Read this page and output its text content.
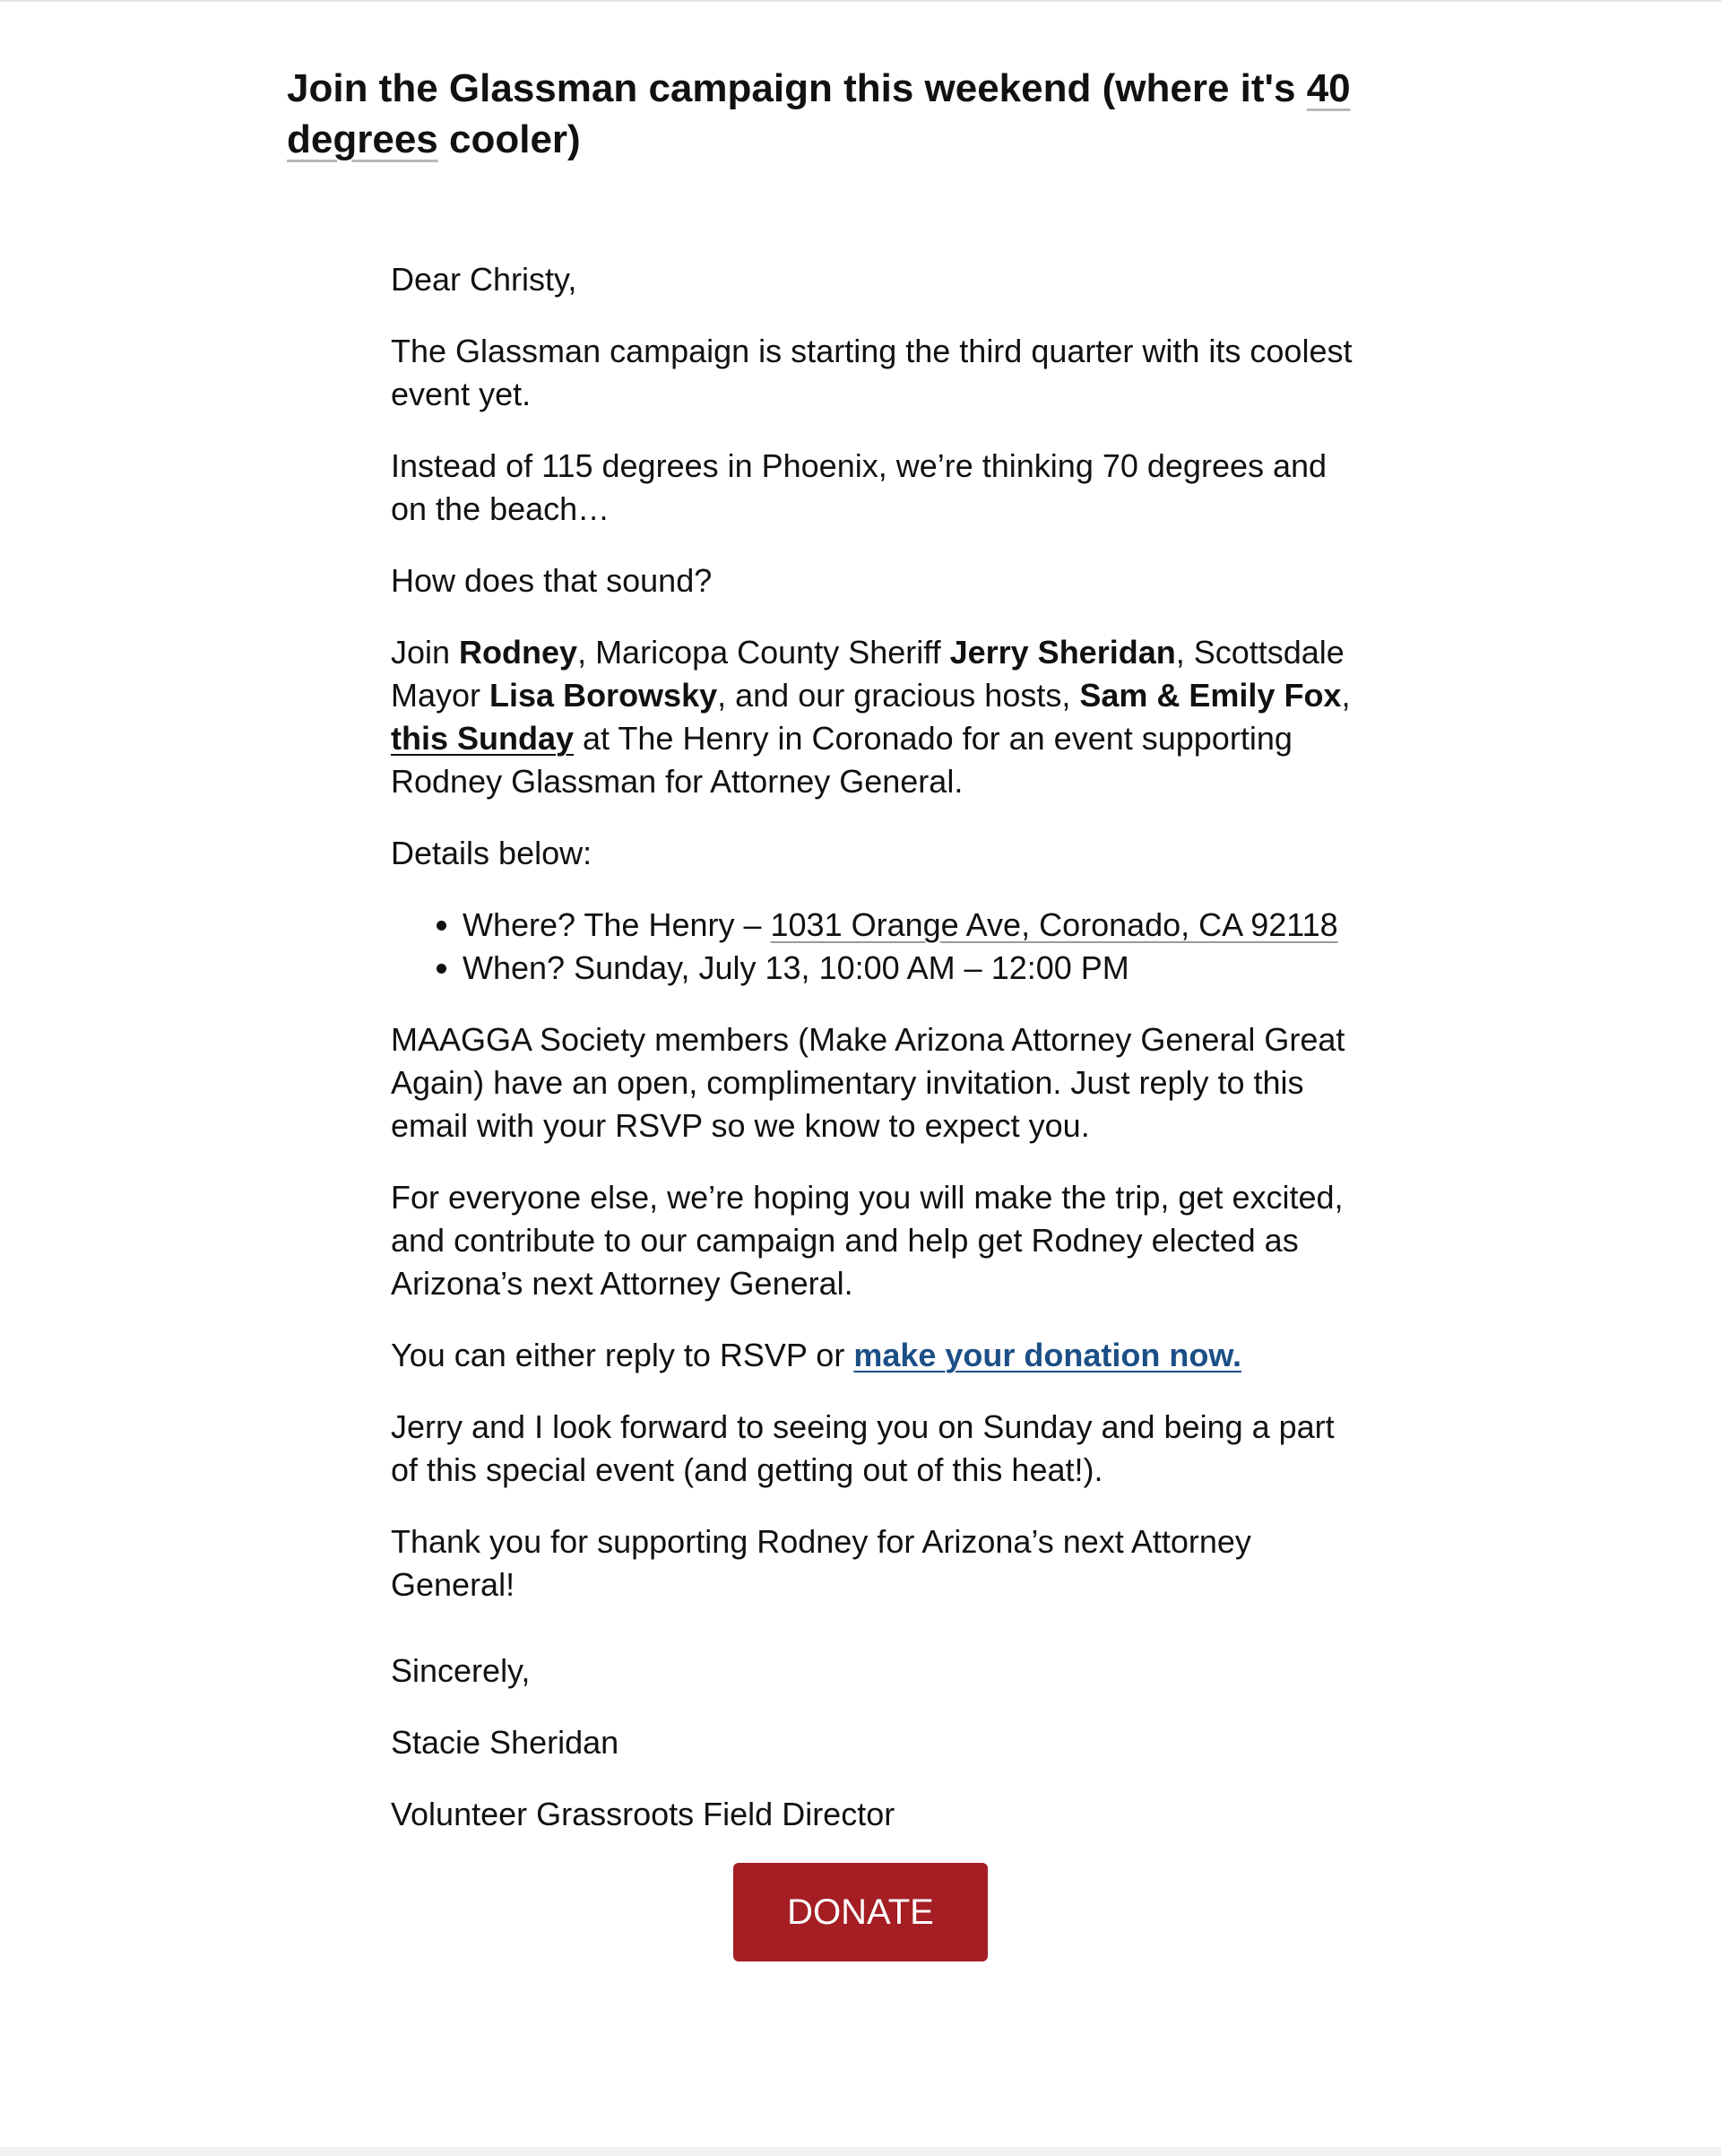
Join the Glassman campaign this weekend (where it's 40 degrees cooler)

Dear Christy,

The Glassman campaign is starting the third quarter with its coolest event yet.

Instead of 115 degrees in Phoenix, we’re thinking 70 degrees and on the beach…

How does that sound?

Join Rodney, Maricopa County Sheriff Jerry Sheridan, Scottsdale Mayor Lisa Borowsky, and our gracious hosts, Sam & Emily Fox, this Sunday at The Henry in Coronado for an event supporting Rodney Glassman for Attorney General.

Details below:

• Where? The Henry – 1031 Orange Ave, Coronado, CA 92118
• When? Sunday, July 13, 10:00 AM – 12:00 PM

MAAGGA Society members (Make Arizona Attorney General Great Again) have an open, complimentary invitation. Just reply to this email with your RSVP so we know to expect you.

For everyone else, we’re hoping you will make the trip, get excited, and contribute to our campaign and help get Rodney elected as Arizona’s next Attorney General.

You can either reply to RSVP or make your donation now.

Jerry and I look forward to seeing you on Sunday and being a part of this special event (and getting out of this heat!).

Thank you for supporting Rodney for Arizona’s next Attorney General!

Sincerely,

Stacie Sheridan

Volunteer Grassroots Field Director

DONATE
